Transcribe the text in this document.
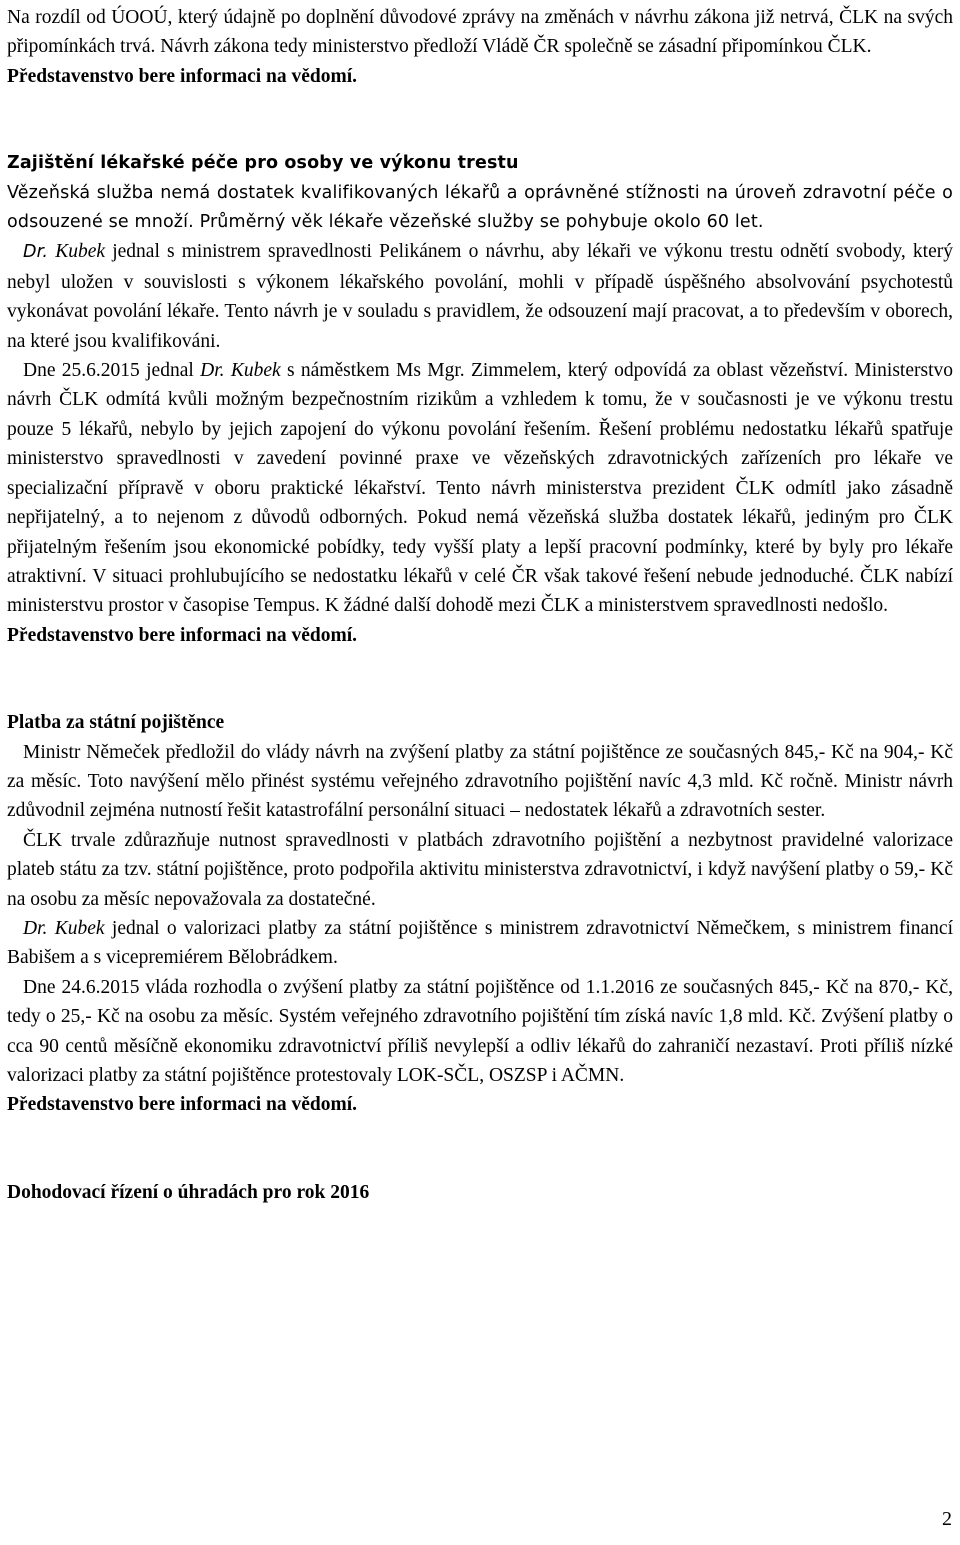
Na rozdíl od ÚOOÚ, který údajně po doplnění důvodové zprávy na změnách v návrhu zákona již netrvá, ČLK na svých připomínkách trvá. Návrh zákona tedy ministerstvo předloží Vládě ČR společně se zásadní připomínkou ČLK.

Představenstvo bere informaci na vědomí.

Zajištění lékařské péče pro osoby ve výkonu trestu

Vězeňská služba nemá dostatek kvalifikovaných lékařů a oprávněné stížnosti na úroveň zdravotní péče o odsouzené se množí. Průměrný věk lékaře vězeňské služby se pohybuje okolo 60 let.

Dr. Kubek jednal s ministrem spravedlnosti Pelikánem o návrhu, aby lékaři ve výkonu trestu odnětí svobody, který nebyl uložen v souvislosti s výkonem lékařského povolání, mohli v případě úspěšného absolvování psychotestů vykonávat povolání lékaře. Tento návrh je v souladu s pravidlem, že odsouzení mají pracovat, a to především v oborech, na které jsou kvalifikováni.

Dne 25.6.2015 jednal Dr. Kubek s náměstkem Ms Mgr. Zimmelem, který odpovídá za oblast vězeňství. Ministerstvo návrh ČLK odmítá kvůli možným bezpečnostním rizikům a vzhledem k tomu, že v současnosti je ve výkonu trestu pouze 5 lékařů, nebylo by jejich zapojení do výkonu povolání řešením. Řešení problému nedostatku lékařů spatřuje ministerstvo spravedlnosti v zavedení povinné praxe ve vězeňských zdravotnických zařízeních pro lékaře ve specializační přípravě v oboru praktické lékařství. Tento návrh ministerstva prezident ČLK odmítl jako zásadně nepřijatelný, a to nejenom z důvodů odborných. Pokud nemá vězeňská služba dostatek lékařů, jediným pro ČLK přijatelným řešením jsou ekonomické pobídky, tedy vyšší platy a lepší pracovní podmínky, které by byly pro lékaře atraktivní. V situaci prohlubujícího se nedostatku lékařů v celé ČR však takové řešení nebude jednoduché. ČLK nabízí ministerstvu prostor v časopise Tempus. K žádné další dohodě mezi ČLK a ministerstvem spravedlnosti nedošlo.

Představenstvo bere informaci na vědomí.

Platba za státní pojištěnce

Ministr Němeček předložil do vlády návrh na zvýšení platby za státní pojištěnce ze současných 845,- Kč na 904,- Kč za měsíc. Toto navýšení mělo přinést systému veřejného zdravotního pojištění navíc 4,3 mld. Kč ročně. Ministr návrh zdůvodnil zejména nutností řešit katastrofální personální situaci – nedostatek lékařů a zdravotních sester.

ČLK trvale zdůrazňuje nutnost spravedlnosti v platbách zdravotního pojištění a nezbytnost pravidelné valorizace plateb státu za tzv. státní pojištěnce, proto podpořila aktivitu ministerstva zdravotnictví, i když navýšení platby o 59,- Kč na osobu za měsíc nepovažovala za dostatečné.

Dr. Kubek jednal o valorizaci platby za státní pojištěnce s ministrem zdravotnictví Němečkem, s ministrem financí Babišem a s vicepremiérem Bělobrádkem.

Dne 24.6.2015 vláda rozhodla o zvýšení platby za státní pojištěnce od 1.1.2016 ze současných 845,- Kč na 870,- Kč, tedy o 25,- Kč na osobu za měsíc. Systém veřejného zdravotního pojištění tím získá navíc 1,8 mld. Kč. Zvýšení platby o cca 90 centů měsíčně ekonomiku zdravotnictví příliš nevylepší a odliv lékařů do zahraničí nezastaví. Proti příliš nízké valorizaci platby za státní pojištěnce protestovaly LOK-SČL, OSZSP i AČMN.

Představenstvo bere informaci na vědomí.

Dohodovací řízení o úhradách pro rok 2016

2
